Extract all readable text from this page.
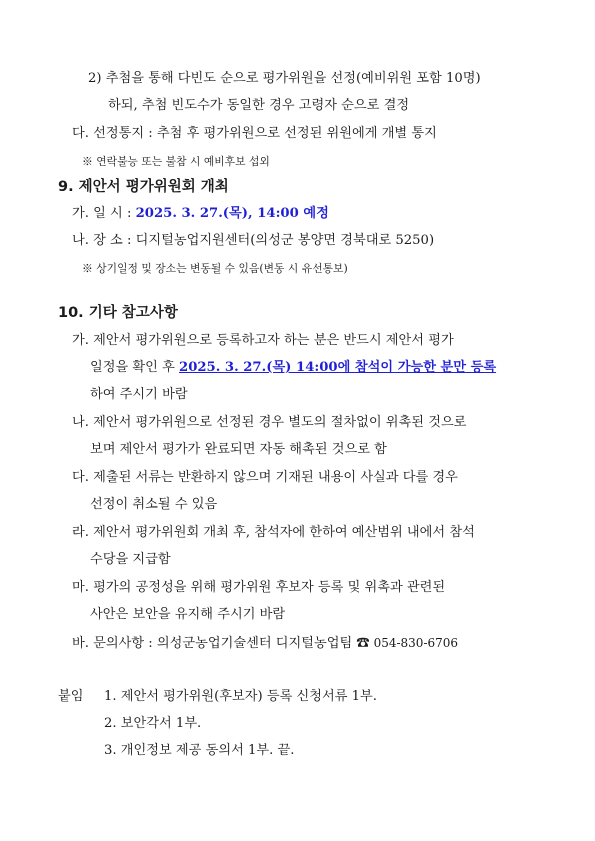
2) 추첨을 통해 다빈도 순으로 평가위원을 선정(예비위원 포함 10명)
하되, 추첨 빈도수가 동일한 경우 고령자 순으로 결정
다. 선정통지 : 추첨 후 평가위원으로 선정된 위원에게 개별 통지
※ 연락불능 또는 불참 시 예비후보 섭외
9. 제안서 평가위원회 개최
가. 일 시 : 2025. 3. 27.(목), 14:00 예정
나. 장 소 : 디지털농업지원센터(의성군 봉양면 경북대로 5250)
※ 상기일정 및 장소는 변동될 수 있음(변동 시 유선통보)
10. 기타 참고사항
가. 제안서 평가위원으로 등록하고자 하는 분은 반드시 제안서 평가
일정을 확인 후 2025. 3. 27.(목) 14:00에 참석이 가능한 분만 등록
하여 주시기 바람
나. 제안서 평가위원으로 선정된 경우 별도의 절차없이 위촉된 것으로
보며 제안서 평가가 완료되면 자동 해촉된 것으로 함
다. 제출된 서류는 반환하지 않으며 기재된 내용이 사실과 다를 경우
선정이 취소될 수 있음
라. 제안서 평가위원회 개최 후, 참석자에 한하여 예산범위 내에서 참석
수당을 지급함
마. 평가의 공정성을 위해 평가위원 후보자 등록 및 위촉과 관련된
사안은 보안을 유지해 주시기 바람
바. 문의사항 : 의성군농업기술센터 디지털농업팀 ☎ 054-830-6706
붙임 1. 제안서 평가위원(후보자) 등록 신청서류 1부.
2. 보안각서 1부.
3. 개인정보 제공 동의서 1부. 끝.
